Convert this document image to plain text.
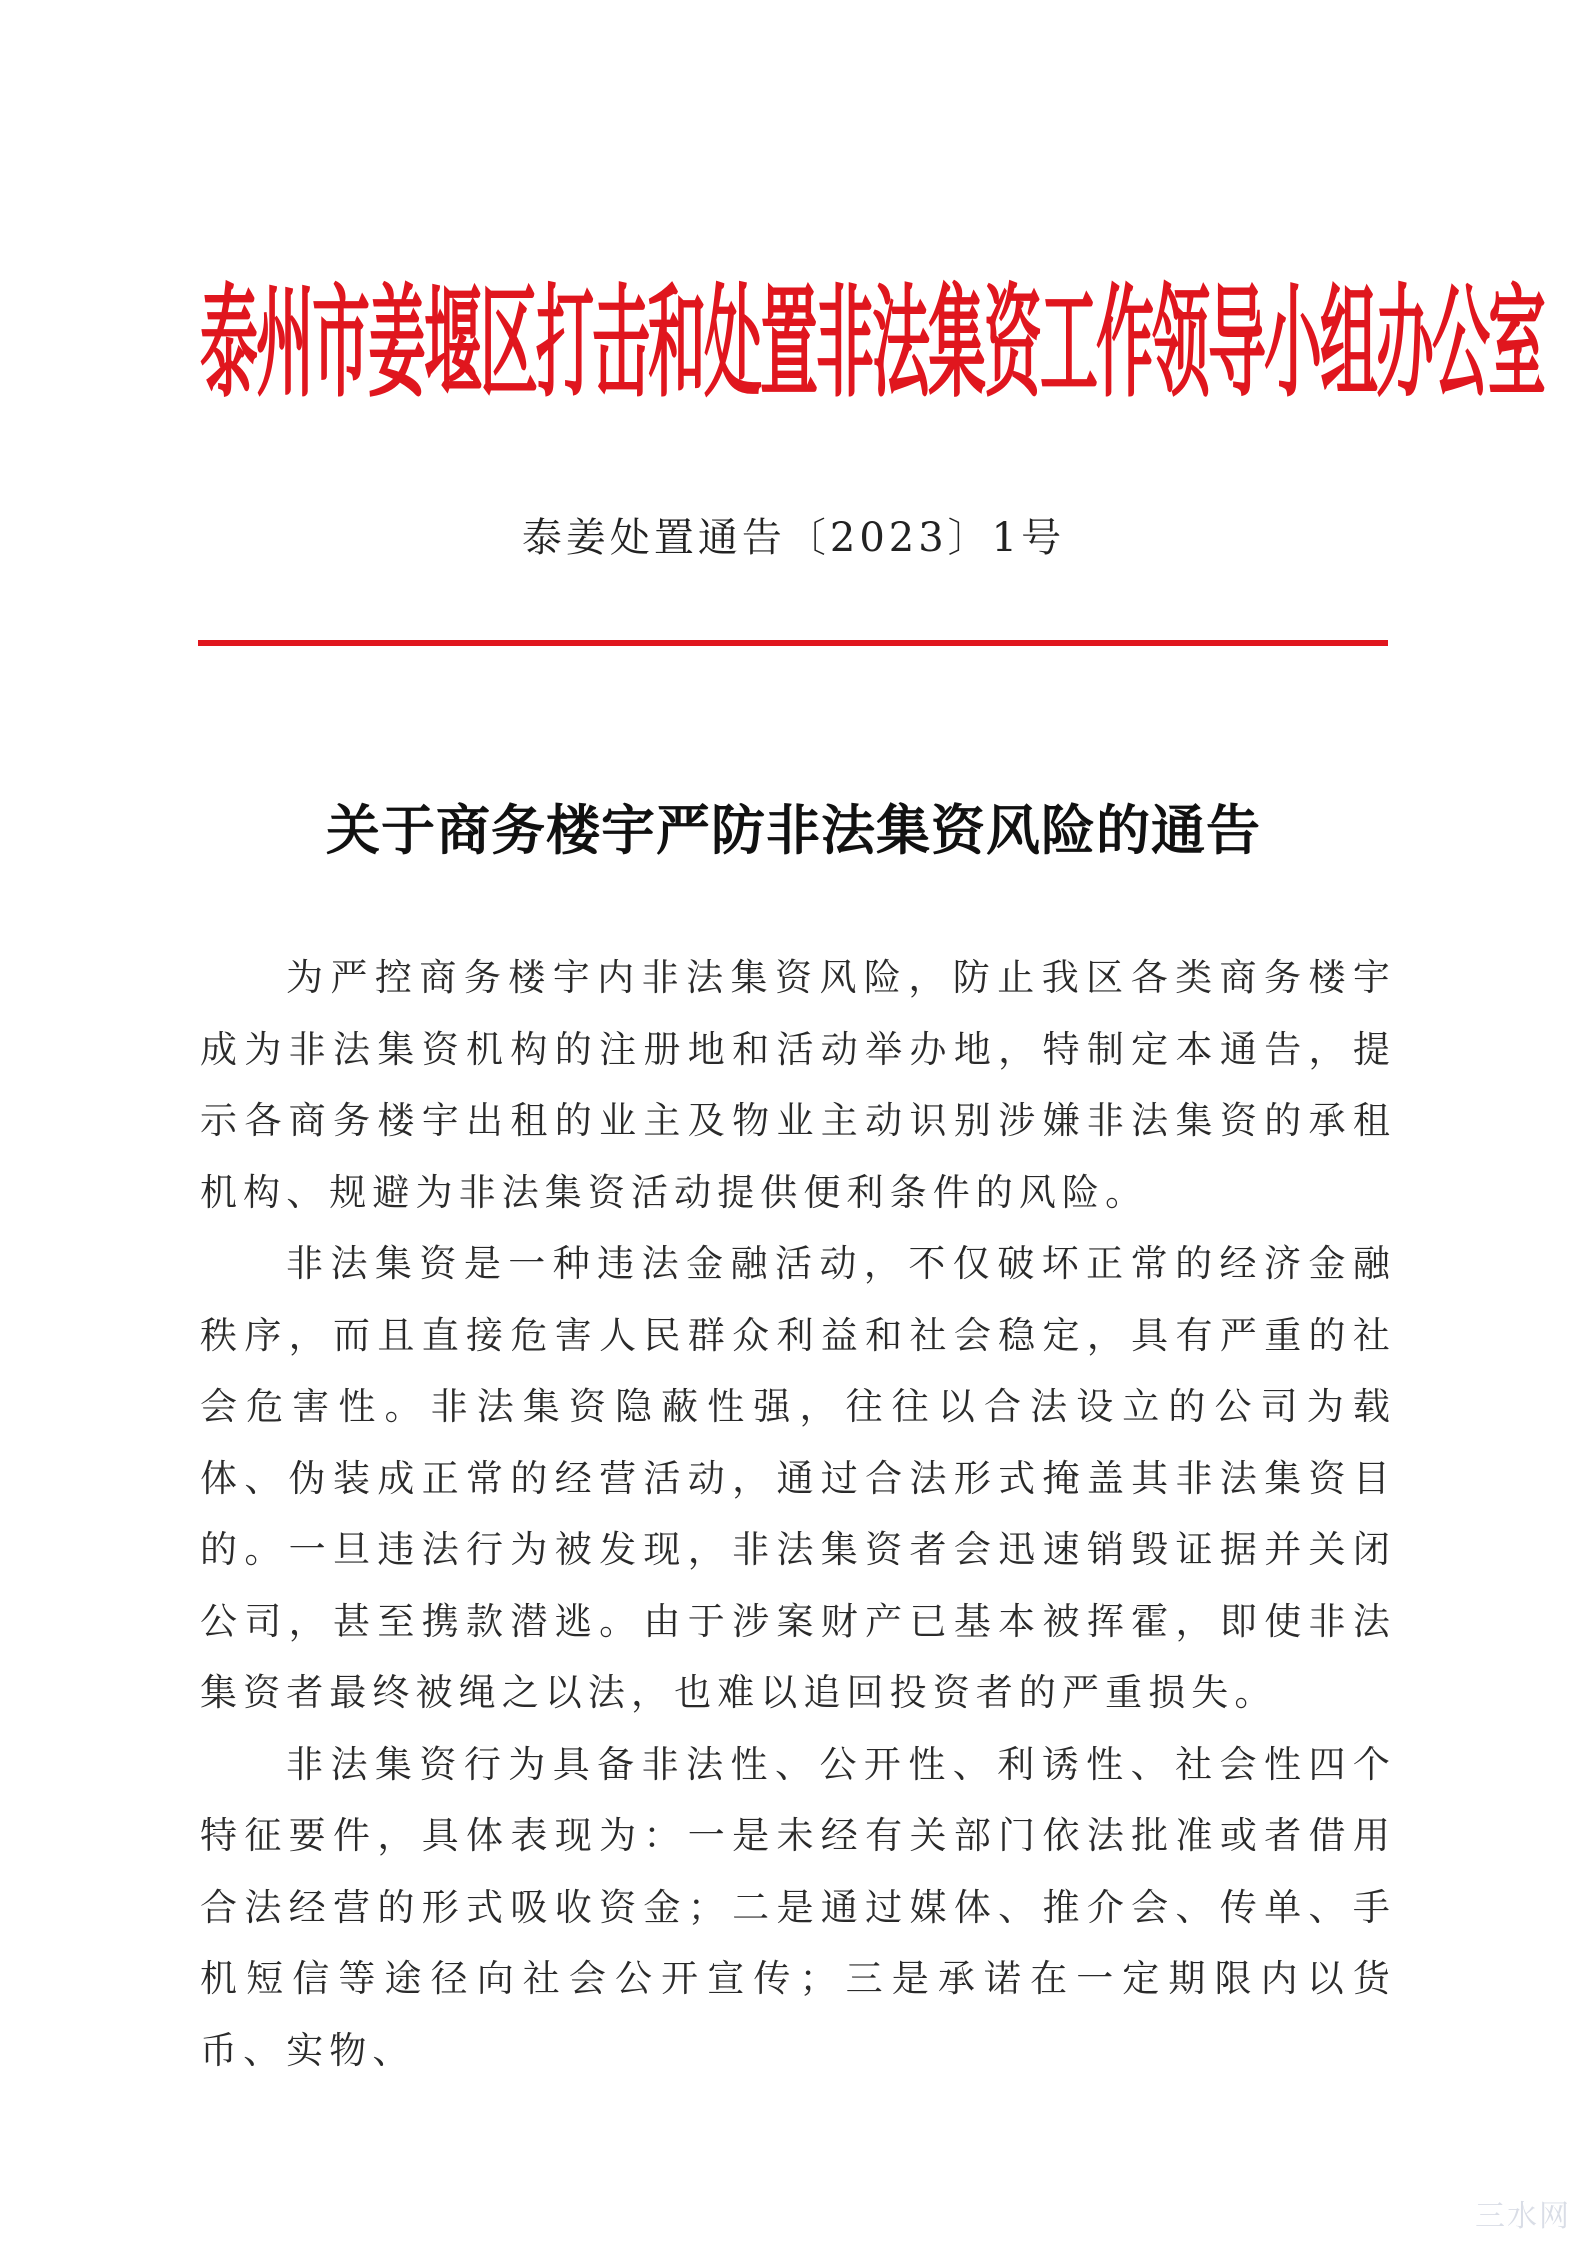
泰州市姜堰区打击和处置非法集资工作领导小组办公室
泰姜处置通告〔2023〕1号
关于商务楼宇严防非法集资风险的通告

为严控商务楼宇内非法集资风险，防止我区各类商务楼宇成为非法集资机构的注册地和活动举办地，特制定本通告，提示各商务楼宇出租的业主及物业主动识别涉嫌非法集资的承租机构、规避为非法集资活动提供便利条件的风险。

非法集资是一种违法金融活动，不仅破坏正常的经济金融秩序，而且直接危害人民群众利益和社会稳定，具有严重的社会危害性。非法集资隐蔽性强，往往以合法设立的公司为载体、伪装成正常的经营活动，通过合法形式掩盖其非法集资目的。一旦违法行为被发现，非法集资者会迅速销毁证据并关闭公司，甚至携款潜逃。由于涉案财产已基本被挥霍，即使非法集资者最终被绳之以法，也难以追回投资者的严重损失。

非法集资行为具备非法性、公开性、利诱性、社会性四个特征要件，具体表现为：一是未经有关部门依法批准或者借用合法经营的形式吸收资金；二是通过媒体、推介会、传单、手机短信等途径向社会公开宣传；三是承诺在一定期限内以货币、实物、

三水网
